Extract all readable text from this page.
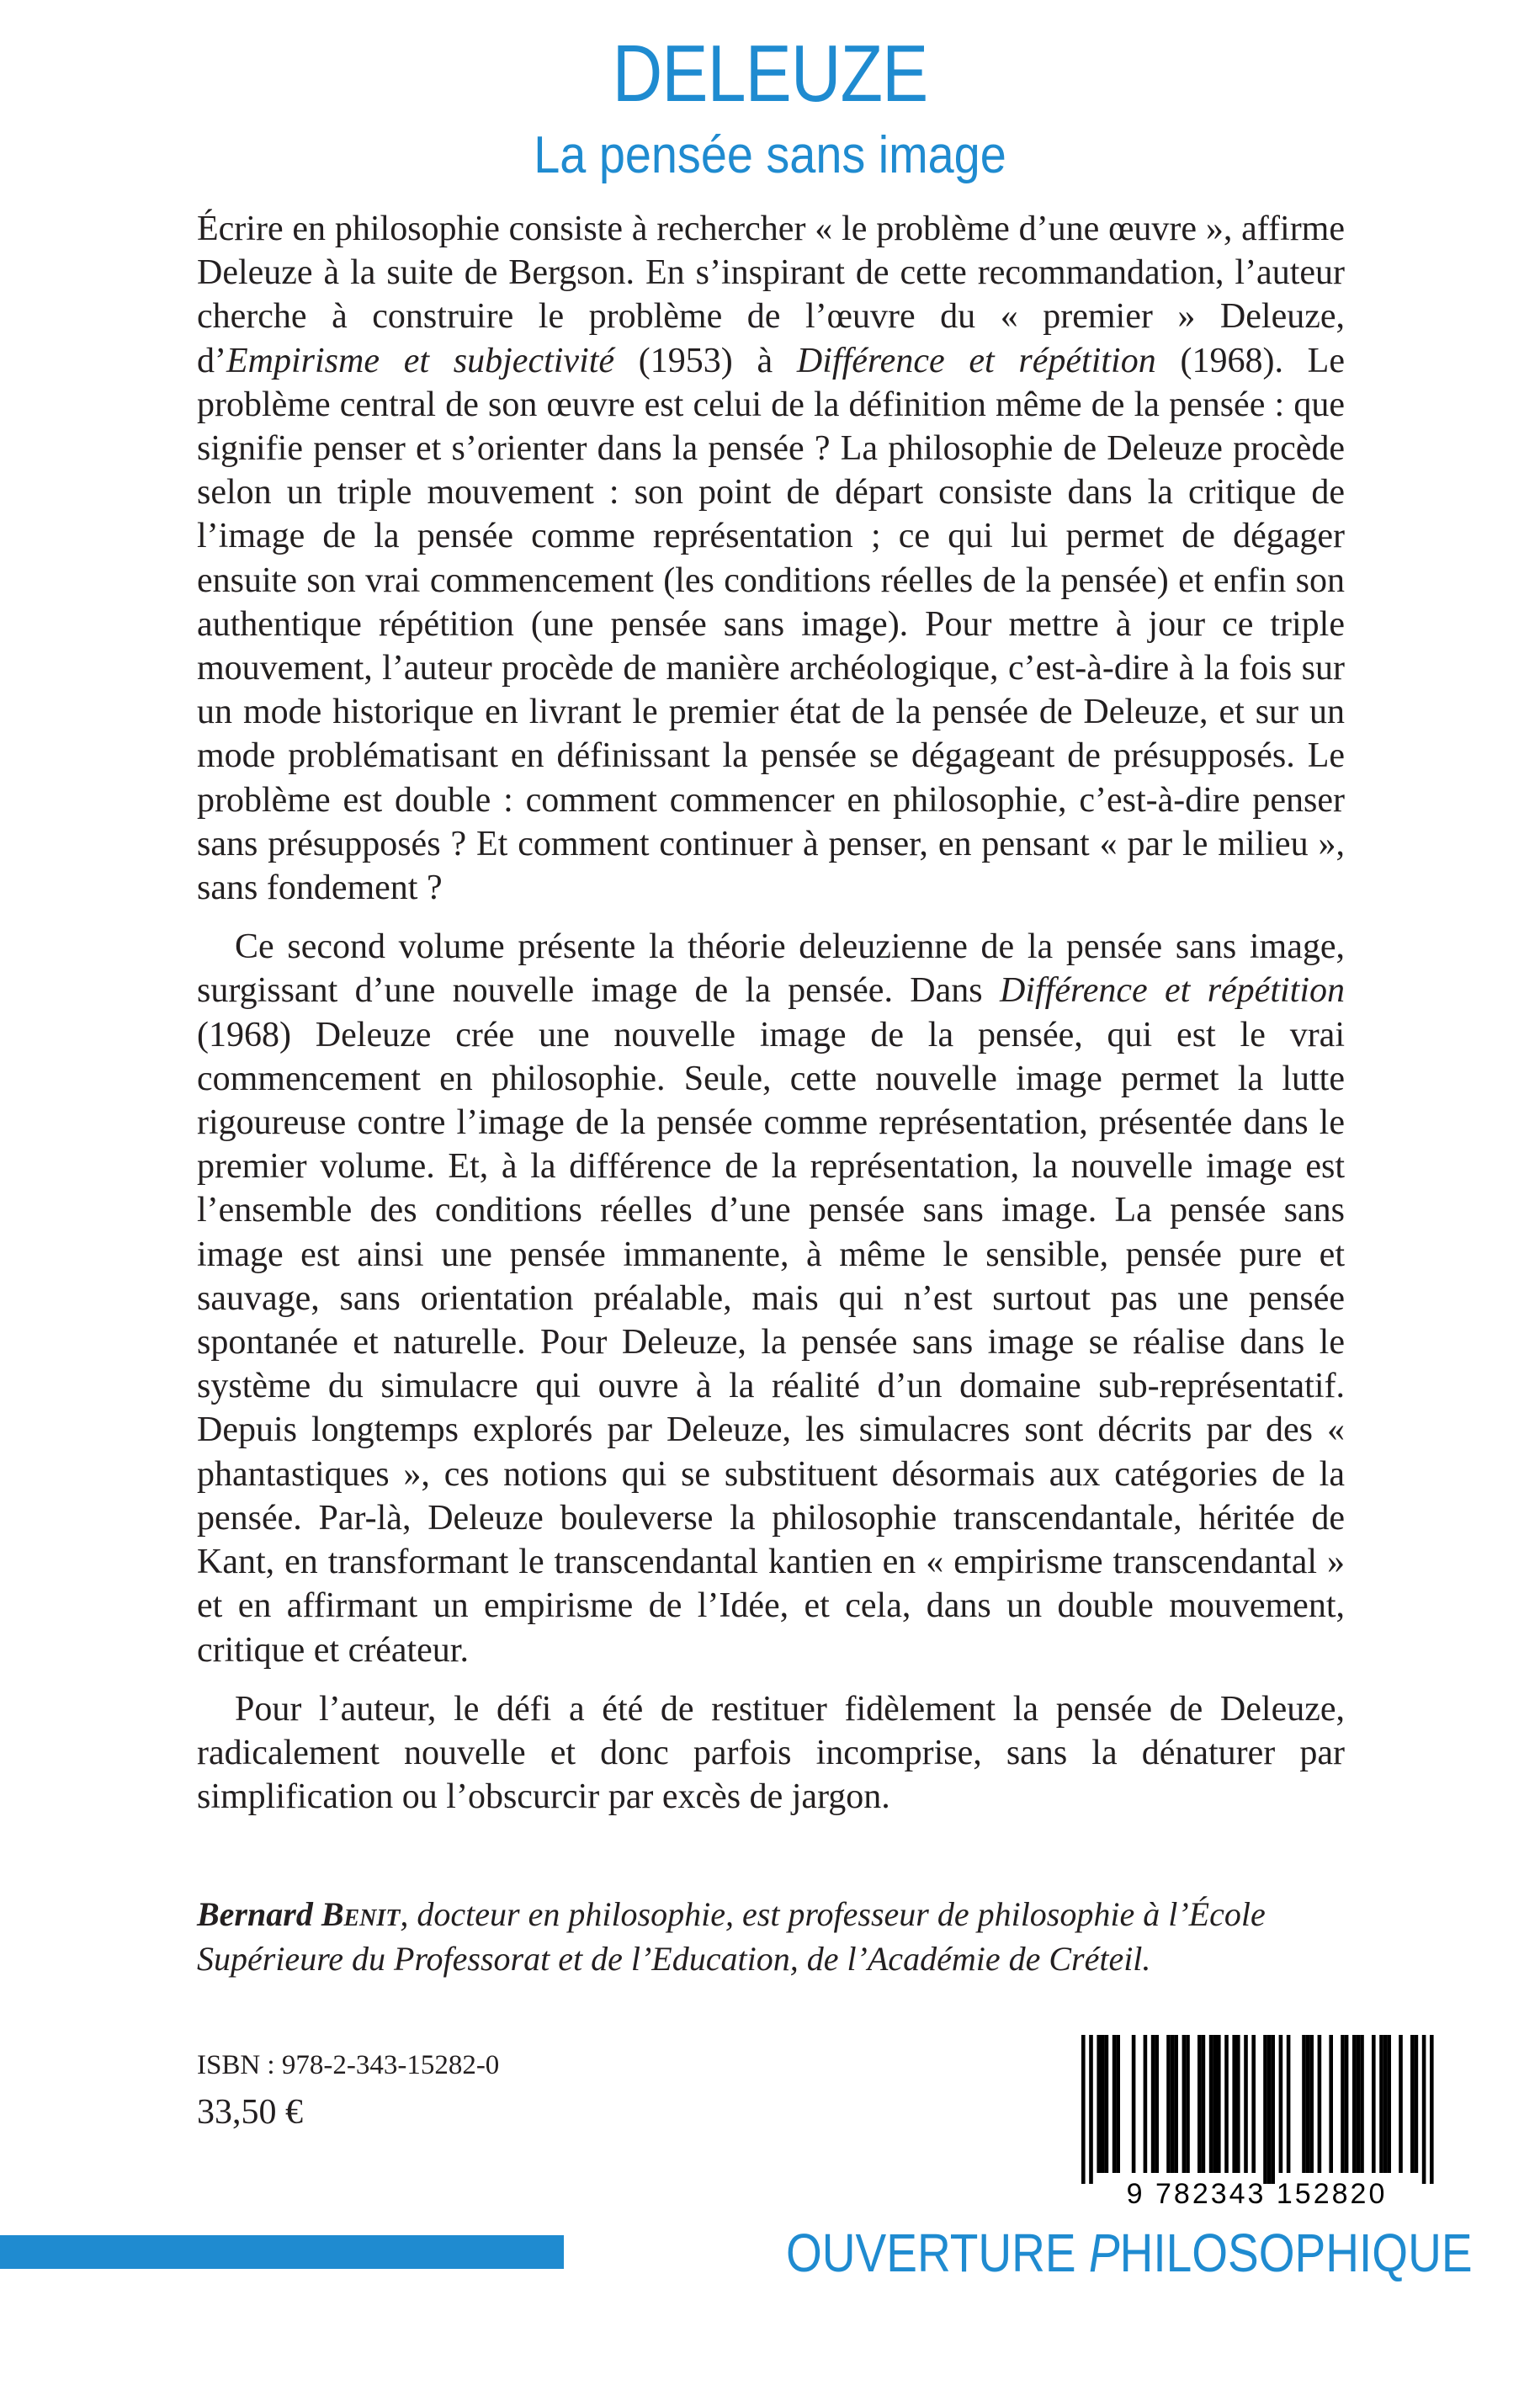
DELEUZE
La pensée sans image

Écrire en philosophie consiste à rechercher « le problème d’une œuvre », affirme Deleuze à la suite de Bergson. En s’inspirant de cette recommandation, l’auteur cherche à construire le problème de l’œuvre du « premier » Deleuze, d’Empirisme et subjectivité (1953) à Différence et répétition (1968). Le problème central de son œuvre est celui de la définition même de la pensée : que signifie penser et s’orienter dans la pensée ? La philosophie de Deleuze procède selon un triple mouvement : son point de départ consiste dans la critique de l’image de la pensée comme représentation ; ce qui lui permet de dégager ensuite son vrai commencement (les conditions réelles de la pensée) et enfin son authentique répétition (une pensée sans image). Pour mettre à jour ce triple mouvement, l’auteur procède de manière archéologique, c’est-à-dire à la fois sur un mode historique en livrant le premier état de la pensée de Deleuze, et sur un mode problématisant en définissant la pensée se dégageant de présupposés. Le problème est double : comment commencer en philosophie, c’est-à-dire penser sans présupposés ? Et comment continuer à penser, en pensant « par le milieu », sans fondement ?

Ce second volume présente la théorie deleuzienne de la pensée sans image, surgissant d’une nouvelle image de la pensée. Dans Différence et répétition (1968) Deleuze crée une nouvelle image de la pensée, qui est le vrai commencement en philosophie. Seule, cette nouvelle image permet la lutte rigoureuse contre l’image de la pensée comme représentation, présentée dans le premier volume. Et, à la différence de la représentation, la nouvelle image est l’ensemble des conditions réelles d’une pensée sans image. La pensée sans image est ainsi une pensée immanente, à même le sensible, pensée pure et sauvage, sans orientation préalable, mais qui n’est surtout pas une pensée spontanée et naturelle. Pour Deleuze, la pensée sans image se réalise dans le système du simulacre qui ouvre à la réalité d’un domaine sub-représentatif. Depuis longtemps explorés par Deleuze, les simulacres sont décrits par des « phantastiques », ces notions qui se substituent désormais aux catégories de la pensée. Par-là, Deleuze bouleverse la philosophie transcendantale, héritée de Kant, en transformant le transcendantal kantien en « empirisme transcendantal » et en affirmant un empirisme de l’Idée, et cela, dans un double mouvement, critique et créateur.

Pour l’auteur, le défi a été de restituer fidèlement la pensée de Deleuze, radicalement nouvelle et donc parfois incomprise, sans la dénaturer par simplification ou l’obscurcir par excès de jargon.

Bernard Benit, docteur en philosophie, est professeur de philosophie à l’École Supérieure du Professorat et de l’Education, de l’Académie de Créteil.
ISBN : 978-2-343-15282-0
33,50 €
9 782343 152820
OUVERTURE PHILOSOPHIQUE
